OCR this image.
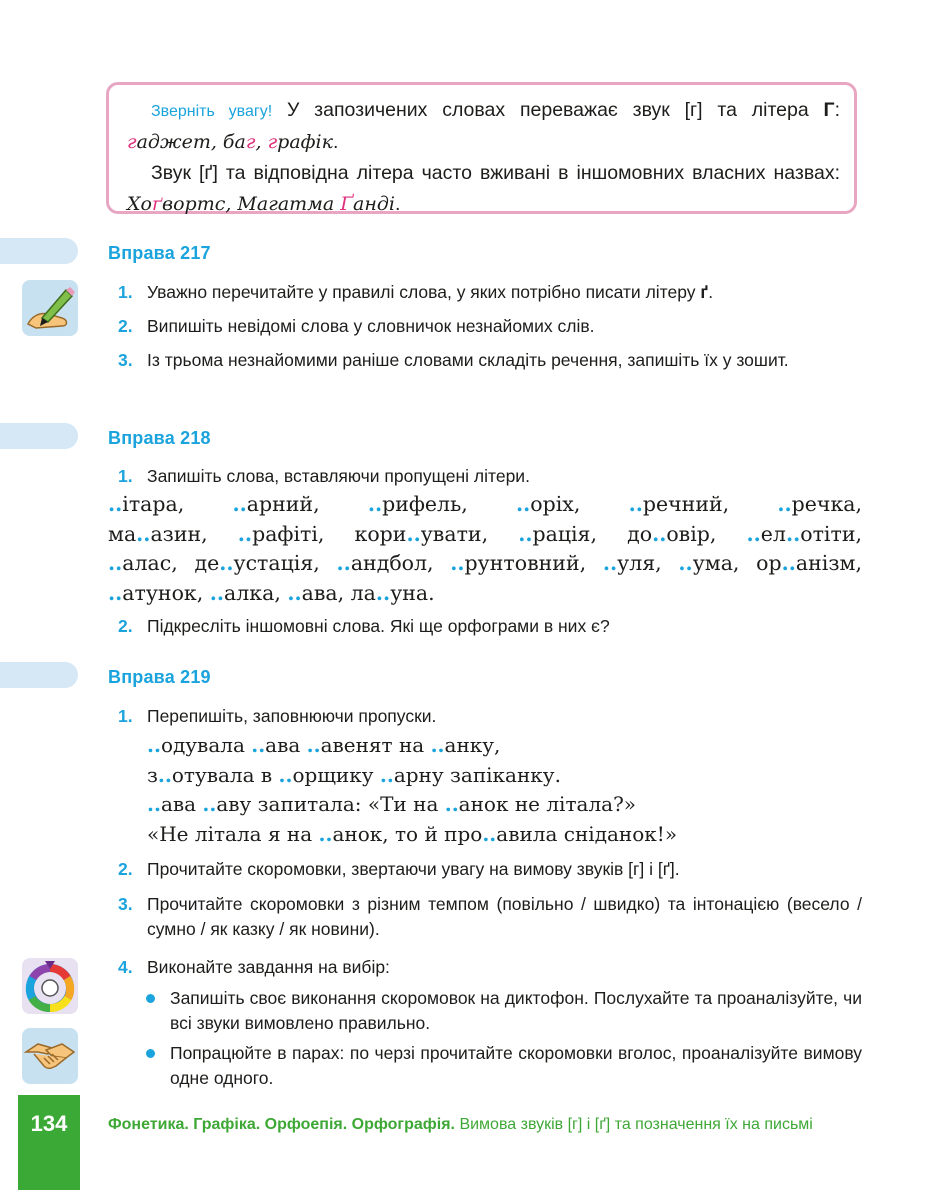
Зверніть увагу! У запозичених словах переважає звук [г] та літера Г: гаджет, баг, графік.

Звук [ґ] та відповідна літера часто вживані в іншомовних власних назвах: Хоґвортс, Магатма Ґанді.

Вправа 217
1. Уважно перечитайте у правилі слова, у яких потрібно писати літеру ґ.
2. Випишіть невідомі слова у словничок незнайомих слів.
3. Із трьома незнайомими раніше словами складіть речення, запишіть їх у зошит.
Вправа 218
1. Запишіть слова, вставляючи пропущені літери.
..ітара, ..арний, ..рифель, ..оріх, ..речний, ..речка,
ма..азин, ..рафіті, кори..увати, ..рація, до..овір, ..ел..отіти,
..алас, де..устація, ..андбол, ..рунтовний, ..уля, ..ума, ор..анізм,
..атунок, ..алка, ..ава, ла..уна.
2. Підкресліть іншомовні слова. Які ще орфограми в них є?
Вправа 219
1. Перепишіть, заповнюючи пропуски.
..одувала ..ава ..авенят на ..анку,
з..отувала в ..орщику ..арну запіканку.
..ава ..аву запитала: «Ти на ..анок не літала?»
«Не літала я на ..анок, то й про..авила сніданок!»
2. Прочитайте скоромовки, звертаючи увагу на вимову звуків [г] і [ґ].
3. Прочитайте скоромовки з різним темпом (повільно / швидко) та інтонацією (весело / сумно / як казку / як новини).
4. Виконайте завдання на вибір:
Запишіть своє виконання скоромовок на диктофон. Послухайте та проаналізуйте, чи всі звуки вимовлено правильно.
Попрацюйте в парах: по черзі прочитайте скоромовки вголос, проаналізуйте вимову одне одного.
134	Фонетика. Графіка. Орфоепія. Орфографія. Вимова звуків [г] і [ґ] та позначення їх на письмі
